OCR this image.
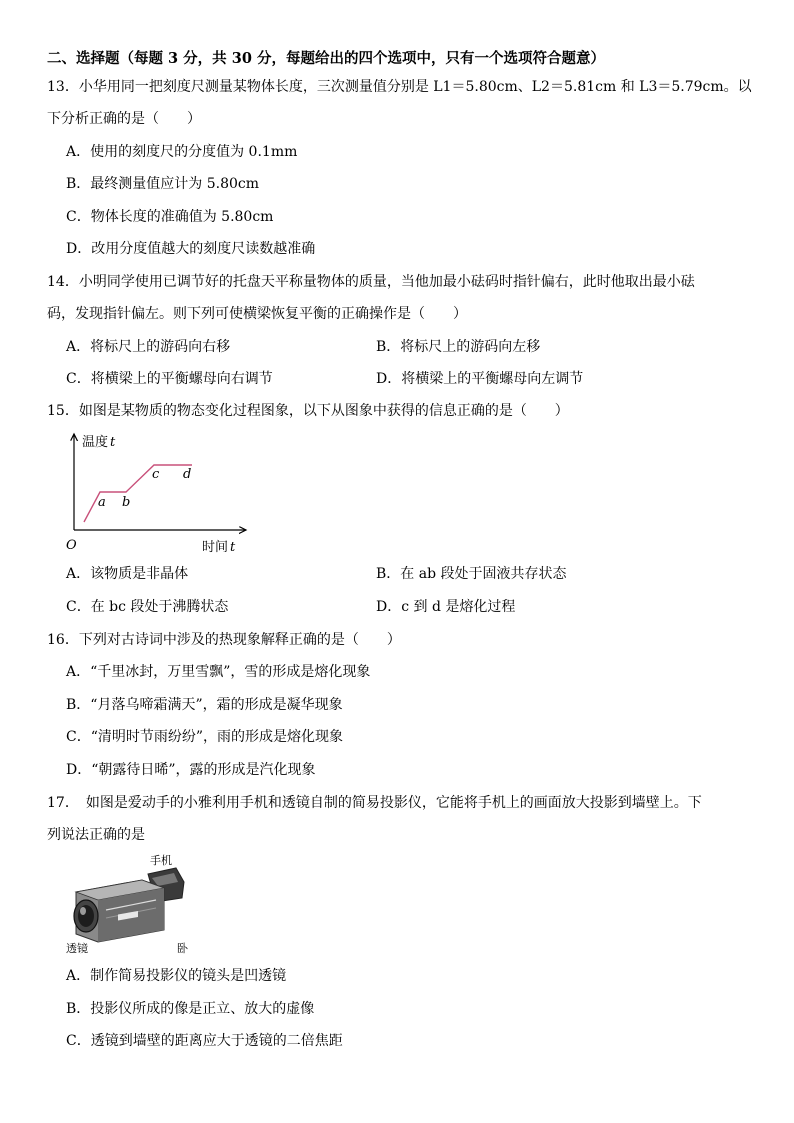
二、选择题（每题 3 分，共 30 分，每题给出的四个选项中，只有一个选项符合题意）
13．小华用同一把刻度尺测量某物体长度，三次测量值分别是 L1＝5.80cm、L2＝5.81cm 和 L3＝5.79cm。以
下分析正确的是（　　）
A．使用的刻度尺的分度值为 0.1mm
B．最终测量值应计为 5.80cm
C．物体长度的准确值为 5.80cm
D．改用分度值越大的刻度尺读数越准确
14．小明同学使用已调节好的托盘天平称量物体的质量，当他加最小砝码时指针偏右，此时他取出最小砝
码，发现指针偏左。则下列可使横梁恢复平衡的正确操作是（　　）
A．将标尺上的游码向右移	B．将标尺上的游码向左移
C．将横梁上的平衡螺母向右调节	D．将横梁上的平衡螺母向左调节
15．如图是某物质的物态变化过程图象，以下从图象中获得的信息正确的是（　　）
温度 t
时间 t
O
a b
c d
A．该物质是非晶体	B．在 ab 段处于固液共存状态
C．在 bc 段处于沸腾状态	D．c 到 d 是熔化过程
16．下列对古诗词中涉及的热现象解释正确的是（　　）
A．“千里冰封，万里雪飘”，雪的形成是熔化现象
B．“月落乌啼霜满天”，霜的形成是凝华现象
C．“清明时节雨纷纷”，雨的形成是熔化现象
D．“朝露待日晞”，露的形成是汽化现象
17．　如图是爱动手的小雅利用手机和透镜自制的简易投影仪，它能将手机上的画面放大投影到墙壁上。下
列说法正确的是
手机
透镜	卧
A．制作简易投影仪的镜头是凹透镜
B．投影仪所成的像是正立、放大的虚像
C．透镜到墙壁的距离应大于透镜的二倍焦距
